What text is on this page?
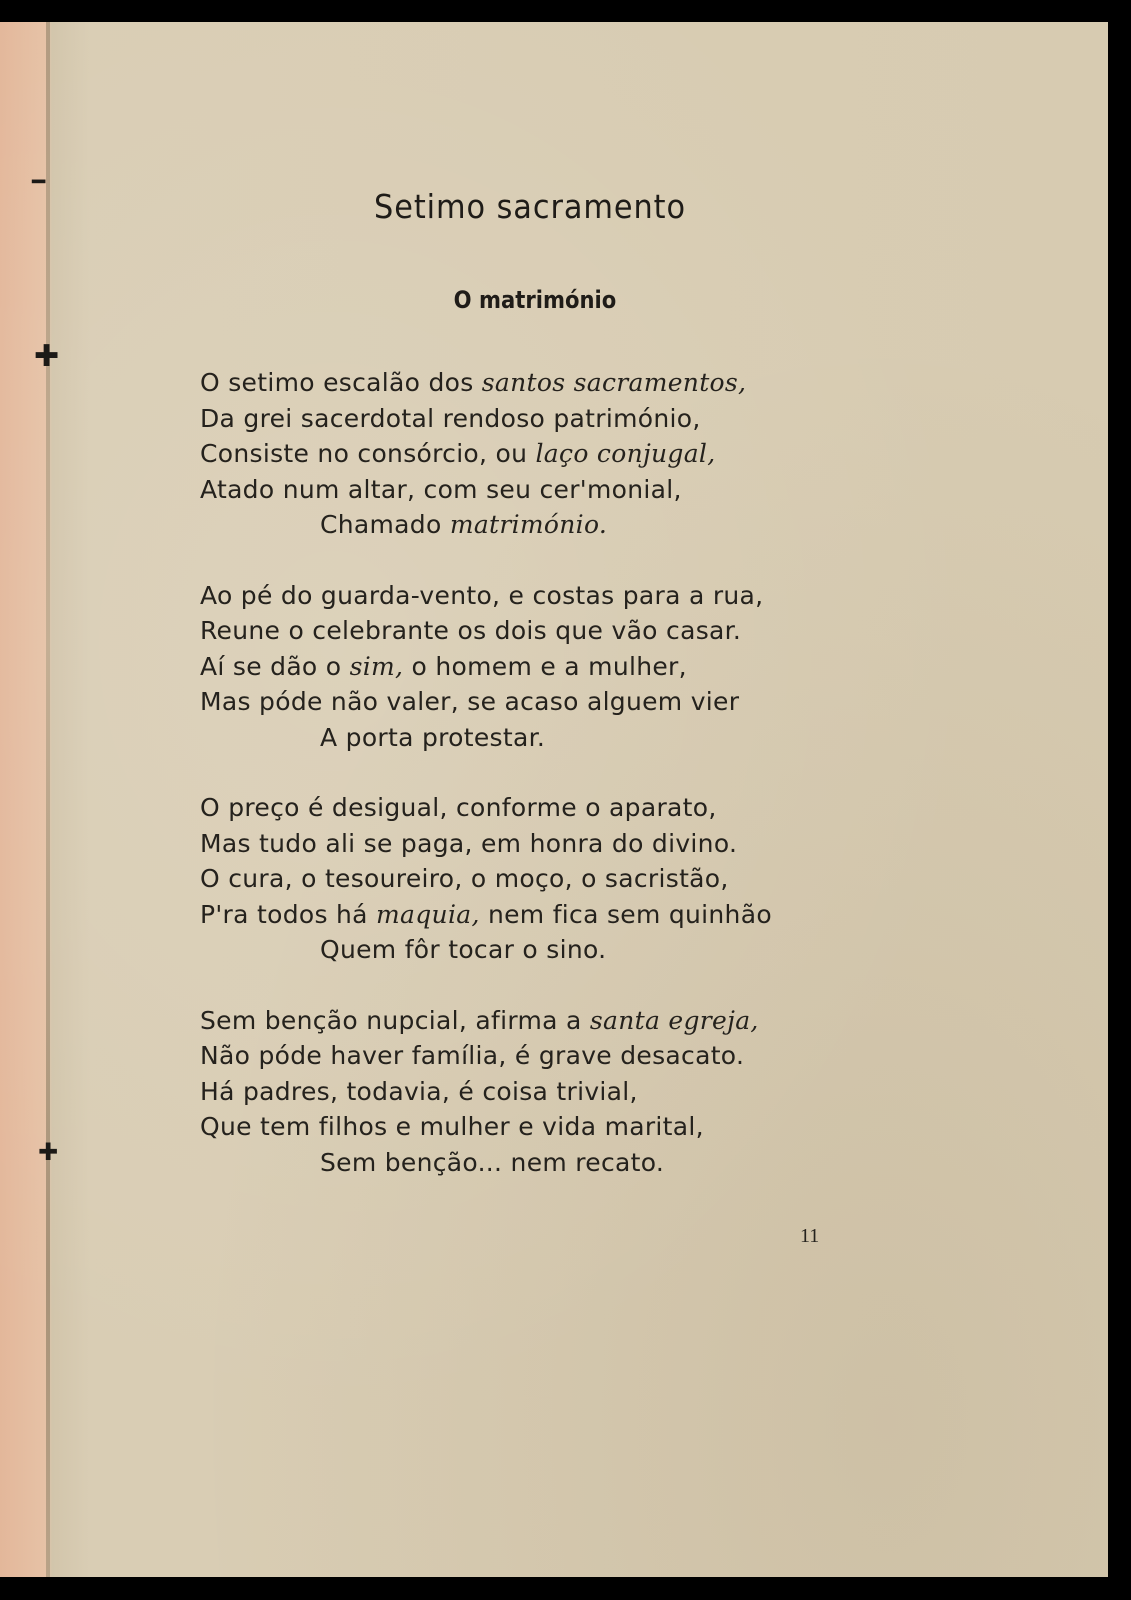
━
✚
✚
Setimo sacramento
O matrimónio
O setimo escalão dos santos sacramentos,
Da grei sacerdotal rendoso património,
Consiste no consórcio, ou laço conjugal,
Atado num altar, com seu cer'monial,
Chamado matrimónio.
Ao pé do guarda-vento, e costas para a rua,
Reune o celebrante os dois que vão casar.
Aí se dão o sim, o homem e a mulher,
Mas póde não valer, se acaso alguem vier
A porta protestar.
O preço é desigual, conforme o aparato,
Mas tudo ali se paga, em honra do divino.
O cura, o tesoureiro, o moço, o sacristão,
P'ra todos há maquia, nem fica sem quinhão
Quem fôr tocar o sino.
Sem benção nupcial, afirma a santa egreja,
Não póde haver família, é grave desacato.
Há padres, todavia, é coisa trivial,
Que tem filhos e mulher e vida marital,
Sem benção... nem recato.
11
